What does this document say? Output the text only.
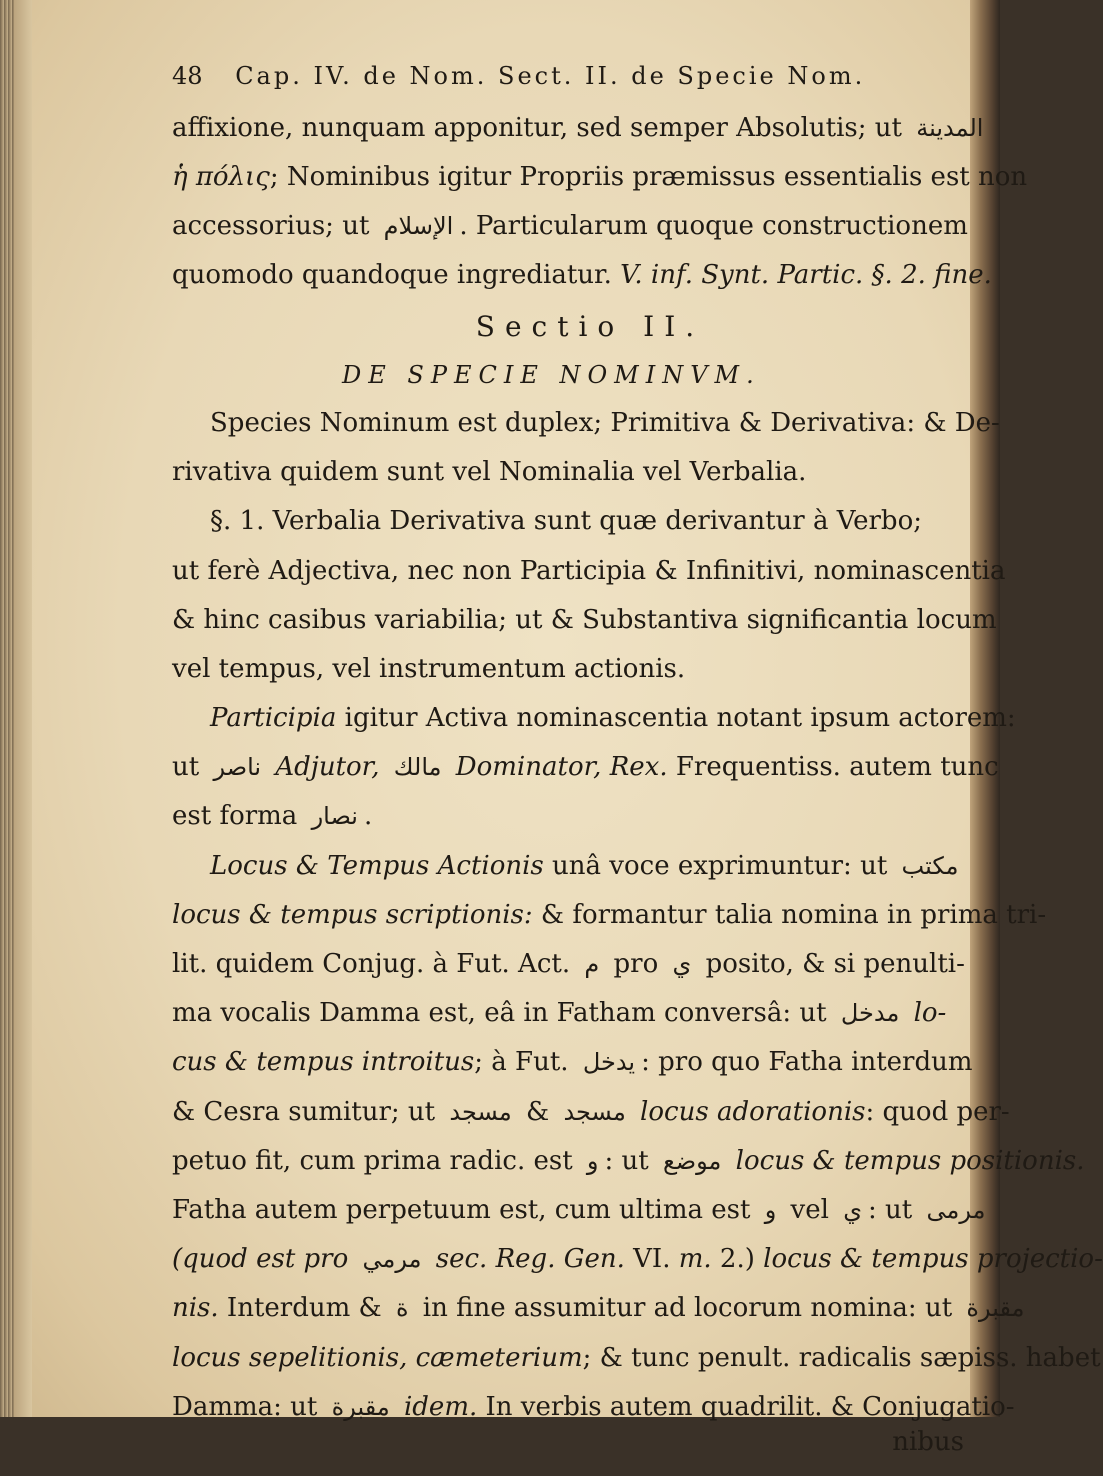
48 Cap. IV. de Nom. Sect. II. de Specie Nom.
affixione, nunquam apponitur, sed semper Absolutis; ut المدينة
ἡ πόλις; Nominibus igitur Propriis præmissus essentialis est non
accessorius; ut الإسلام . Particularum quoque constructionem
quomodo quandoque ingrediatur. V. inf. Synt. Partic. §. 2. fine.
Sectio II.
DE SPECIE NOMINVM.
Species Nominum est duplex; Primitiva & Derivativa: & De-
rivativa quidem sunt vel Nominalia vel Verbalia.
§. 1. Verbalia Derivativa sunt quæ derivantur à Verbo;
ut ferè Adjectiva, nec non Participia & Infinitivi, nominascentia
& hinc casibus variabilia; ut & Substantiva significantia locum
vel tempus, vel instrumentum actionis.
Participia igitur Activa nominascentia notant ipsum actorem:
ut ناصر Adjutor, مالك Dominator, Rex. Frequentiss. autem tunc
est forma نصار .
Locus & Tempus Actionis unâ voce exprimuntur: ut مكتب
locus & tempus scriptionis: & formantur talia nomina in prima tri-
lit. quidem Conjug. à Fut. Act. م pro ي posito, & si penulti-
ma vocalis Damma est, eâ in Fatham conversâ: ut مدخل lo-
cus & tempus introitus; à Fut. يدخل : pro quo Fatha interdum
& Cesra sumitur; ut مسجد & مسجد locus adorationis: quod per-
petuo fit, cum prima radic. est و : ut موضع locus & tempus positionis.
Fatha autem perpetuum est, cum ultima est و vel ي : ut مرمى
(quod est pro مرمي sec. Reg. Gen. VI. m. 2.) locus & tempus projectio-
nis. Interdum & ة in fine assumitur ad locorum nomina: ut مقبرة
locus sepelitionis, cæmeterium; & tunc penult. radicalis sæpiss. habet
Damma: ut مقبرة idem. In verbis autem quadrilit. & Conjugatio-
nibus
